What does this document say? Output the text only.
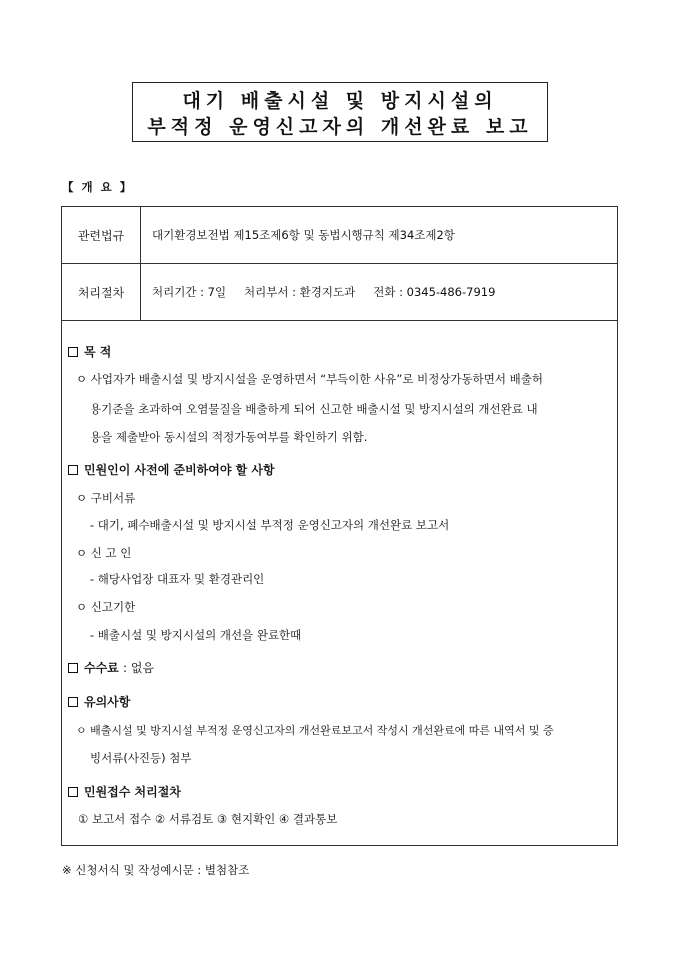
대기 배출시설 및 방지시설의
부적정 운영신고자의 개선완료 보고
【 개 요 】
관련법규	대기환경보전법 제15조제6항 및 동법시행규칙 제34조제2항
처리절차	처리기간 : 7일 처리부서 : 환경지도과 전화 : 0345-486-7919
목 적
ㅇ 사업자가 배출시설 및 방지시설을 운영하면서 “부득이한 사유”로 비정상가동하면서 배출허
용기준을 초과하여 오염물질을 배출하게 되어 신고한 배출시설 및 방지시설의 개선완료 내
용을 제출받아 동시설의 적정가동여부를 확인하기 위함.
민원인이 사전에 준비하여야 할 사항
ㅇ 구비서류
- 대기, 폐수배출시설 및 방지시설 부적정 운영신고자의 개선완료 보고서
ㅇ 신 고 인
- 해당사업장 대표자 및 환경관리인
ㅇ 신고기한
- 배출시설 및 방지시설의 개선을 완료한때
수수료 : 없음
유의사항
ㅇ 배출시설 및 방지시설 부적정 운영신고자의 개선완료보고서 작성시 개선완료에 따른 내역서 및 증
빙서류(사진등) 첨부
민원접수 처리절차
① 보고서 접수 ② 서류검토 ③ 현지확인 ④ 결과통보
※ 신청서식 및 작성예시문 : 별첨참조
